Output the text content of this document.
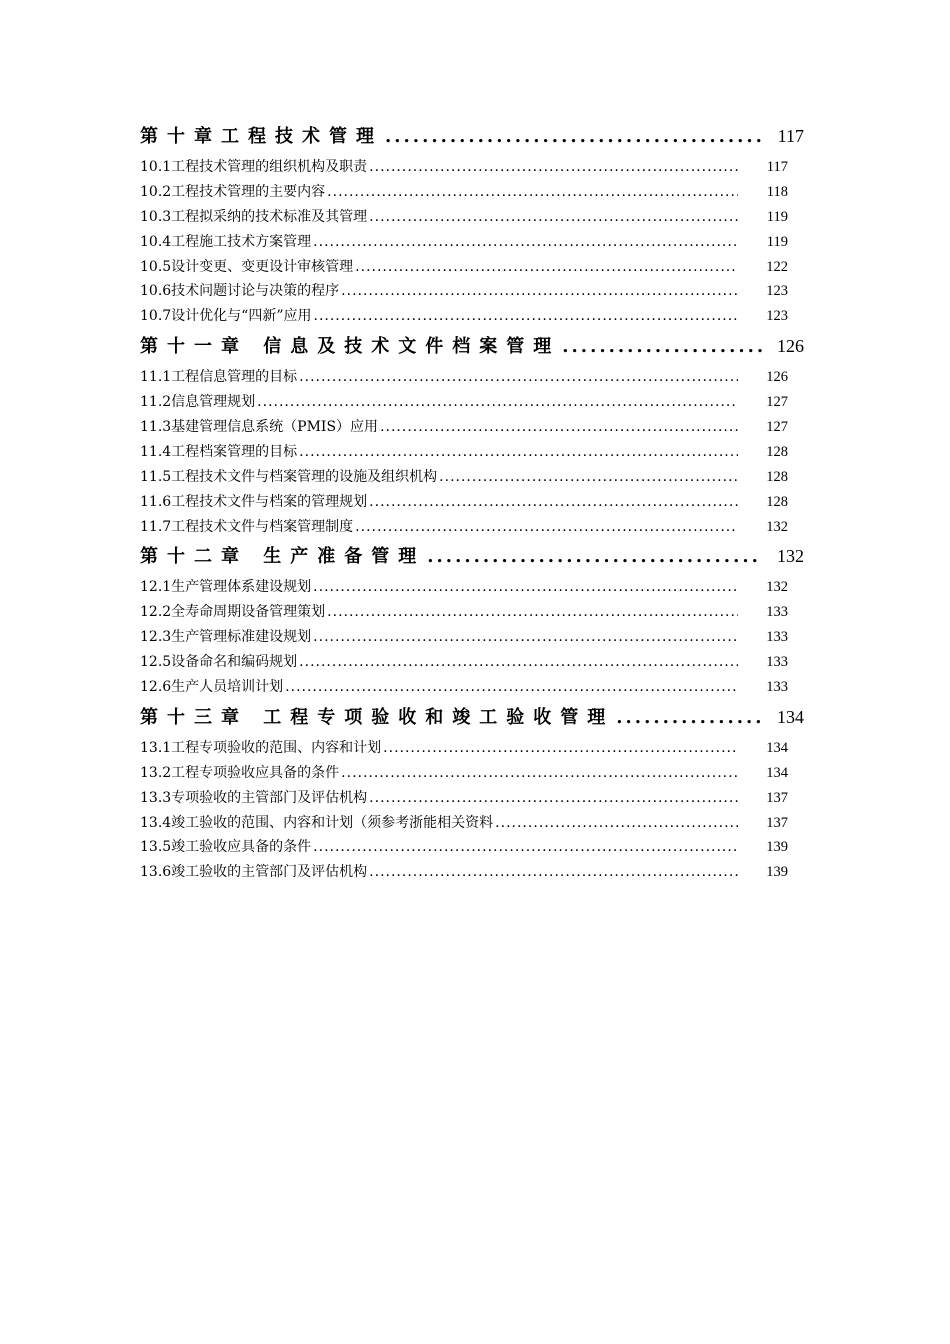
第十章工程技术管理 .....	117
10.1工程技术管理的组织机构及职责 .....	117
10.2工程技术管理的主要内容 .....	118
10.3工程拟采纳的技术标准及其管理 .....	119
10.4工程施工技术方案管理 .....	119
10.5设计变更、变更设计审核管理 .....	122
10.6技术问题讨论与决策的程序 .....	123
10.7设计优化与“四新”应用 .....	123
第十一章 信息及技术文件档案管理 .....	126
11.1工程信息管理的目标 .....	126
11.2信息管理规划 .....	127
11.3基建管理信息系统（PMIS）应用 .....	127
11.4工程档案管理的目标 .....	128
11.5工程技术文件与档案管理的设施及组织机构 .....	128
11.6工程技术文件与档案的管理规划 .....	128
11.7工程技术文件与档案管理制度 .....	132
第十二章 生产准备管理 .....	132
12.1生产管理体系建设规划 .....	132
12.2全寿命周期设备管理策划 .....	133
12.3生产管理标准建设规划 .....	133
12.5设备命名和编码规划 .....	133
12.6生产人员培训计划 .....	133
第十三章 工程专项验收和竣工验收管理 .....	134
13.1工程专项验收的范围、内容和计划 .....	134
13.2工程专项验收应具备的条件 .....	134
13.3专项验收的主管部门及评估机构 .....	137
13.4竣工验收的范围、内容和计划（须参考浙能相关资料 .....	137
13.5竣工验收应具备的条件 .....	139
13.6竣工验收的主管部门及评估机构 .....	139
